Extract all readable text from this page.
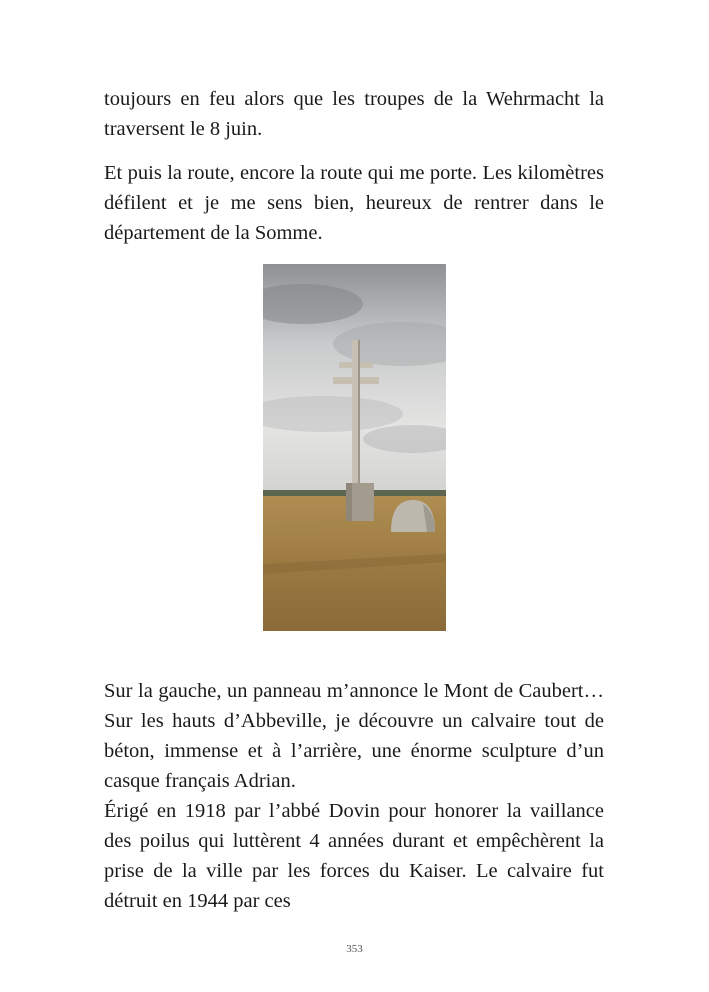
toujours en feu alors que les troupes de la Wehrmacht la traversent le 8 juin.

Et puis la route, encore la route qui me porte. Les kilomètres défilent et je me sens bien, heureux de rentrer dans le département de la Somme.

Sur la gauche, un panneau m’annonce le Mont de Caubert… Sur les hauts d’Abbeville, je découvre un calvaire tout de béton, immense et à l’arrière, une énorme sculpture d’un casque français Adrian.

Érigé en 1918 par l’abbé Dovin pour honorer la vaillance des poilus qui luttèrent 4 années durant et empêchèrent la prise de la ville par les forces du Kaiser. Le calvaire fut détruit en 1944 par ces

353
